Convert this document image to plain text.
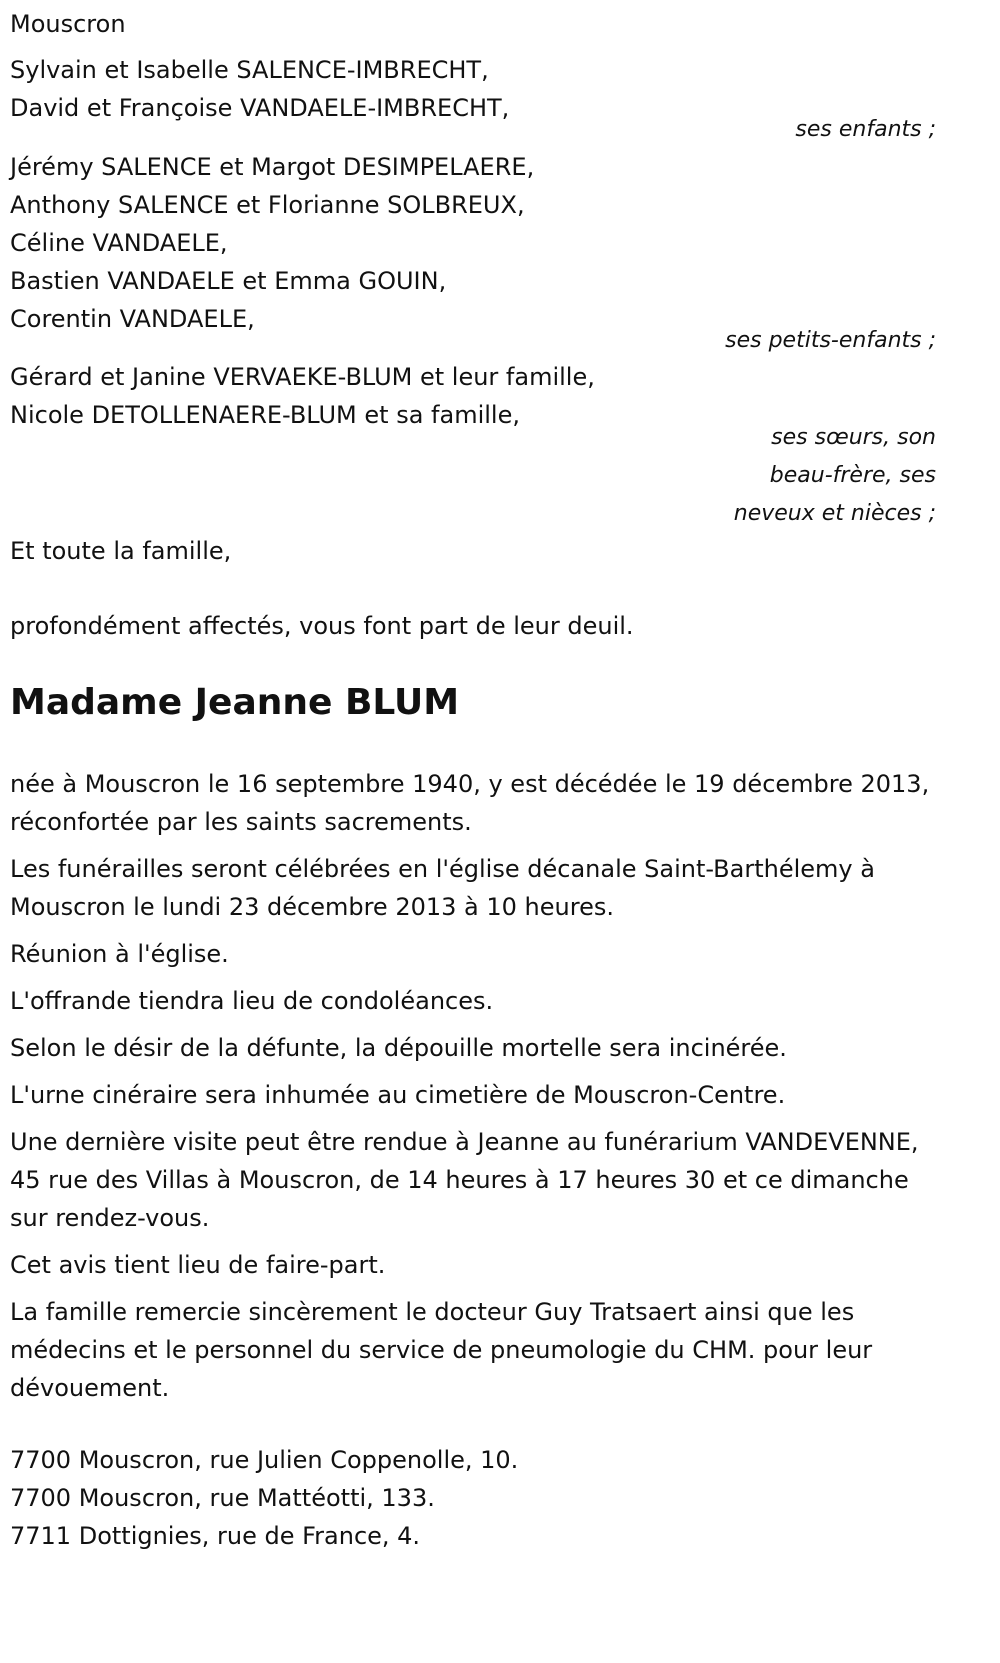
Mouscron
Sylvain et Isabelle SALENCE-IMBRECHT,
David et Françoise VANDAELE-IMBRECHT,
ses enfants ;
Jérémy SALENCE et Margot DESIMPELAERE,
Anthony SALENCE et Florianne SOLBREUX,
Céline VANDAELE,
Bastien VANDAELE et Emma GOUIN,
Corentin VANDAELE,
ses petits-enfants ;
Gérard et Janine VERVAEKE-BLUM et leur famille,
Nicole DETOLLENAERE-BLUM et sa famille,
ses sœurs, son
beau-frère, ses
neveux et nièces ;
Et toute la famille,
profondément affectés, vous font part de leur deuil.
Madame Jeanne BLUM

née à Mouscron le 16 septembre 1940, y est décédée le 19 décembre 2013, réconfortée par les saints sacrements.

Les funérailles seront célébrées en l'église décanale Saint-Barthélemy à Mouscron le lundi 23 décembre 2013 à 10 heures.

Réunion à l'église.

L'offrande tiendra lieu de condoléances.

Selon le désir de la défunte, la dépouille mortelle sera incinérée.

L'urne cinéraire sera inhumée au cimetière de Mouscron-Centre.

Une dernière visite peut être rendue à Jeanne au funérarium VANDEVENNE, 45 rue des Villas à Mouscron, de 14 heures à 17 heures 30 et ce dimanche sur rendez-vous.

Cet avis tient lieu de faire-part.

La famille remercie sincèrement le docteur Guy Tratsaert ainsi que les médecins et le personnel du service de pneumologie du CHM. pour leur dévouement.

7700 Mouscron, rue Julien Coppenolle, 10.
7700 Mouscron, rue Mattéotti, 133.
7711 Dottignies, rue de France, 4.
